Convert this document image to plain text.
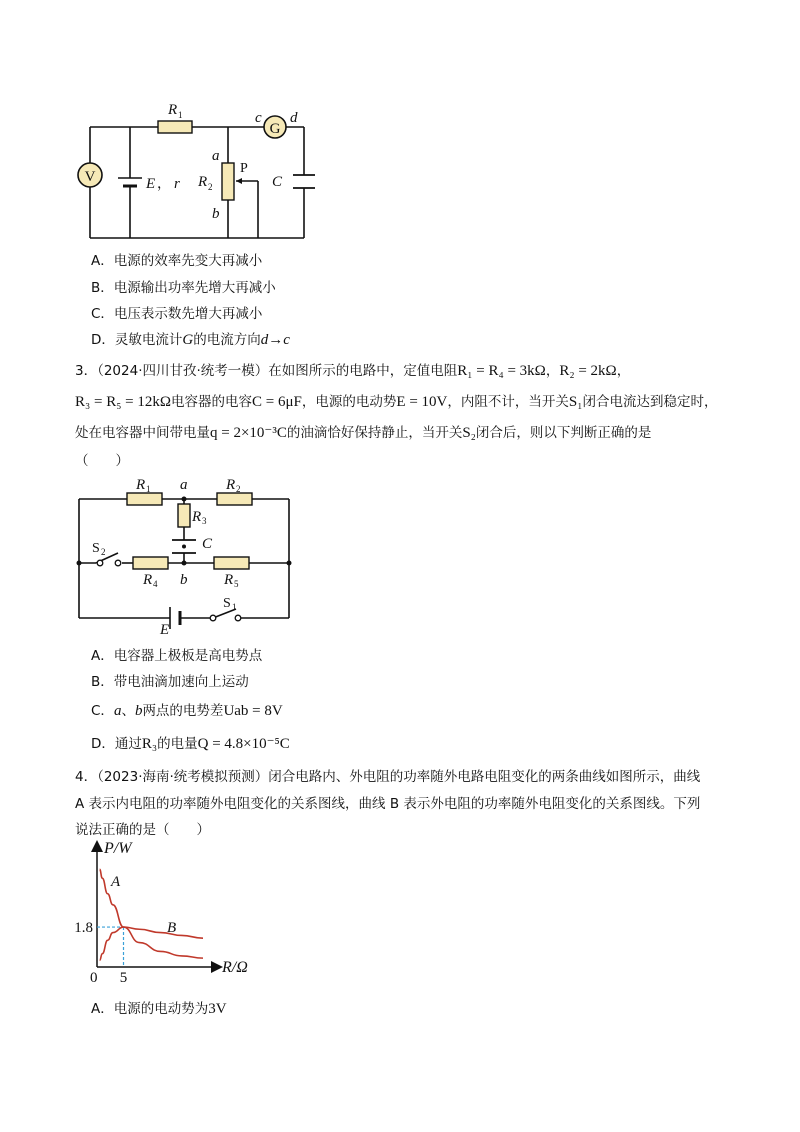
V
G
R 1	c d
E ， r
a
P
R 2
b
C
A．电源的效率先变大再减小
B．电源输出功率先增大再减小
C．电压表示数先增大再减小
D．灵敏电流计G的电流方向d→c
3．（2024·四川甘孜·统考一模）在如图所示的电路中，定值电阻R₁ = R₄ = 3kΩ，R₂ = 2kΩ，
R₃ = R₅ = 12kΩ电容器的电容C = 6μF，电源的电动势E = 10V，内阻不计，当开关S₁闭合电流达到稳定时，
处在电容器中间带电量q = 2×10⁻³C的油滴恰好保持静止，当开关S₂闭合后，则以下判断正确的是
（　　）
R 1 a	R 2
R 3
C
S 2
R 4 b R 5
S 1
E
A．电容器上极板是高电势点
B．带电油滴加速向上运动
C．a、b两点的电势差Uab = 8V
D．通过R₃的电量Q = 4.8×10⁻⁵C
4．（2023·海南·统考模拟预测）闭合电路内、外电阻的功率随外电路电阻变化的两条曲线如图所示，曲线
A 表示内电阻的功率随外电阻变化的关系图线，曲线 B 表示外电阻的功率随外电阻变化的关系图线。下列
说法正确的是（　　）
P/W
R/Ω
0
1.8
5
A
B
A．电源的电动势为3V
